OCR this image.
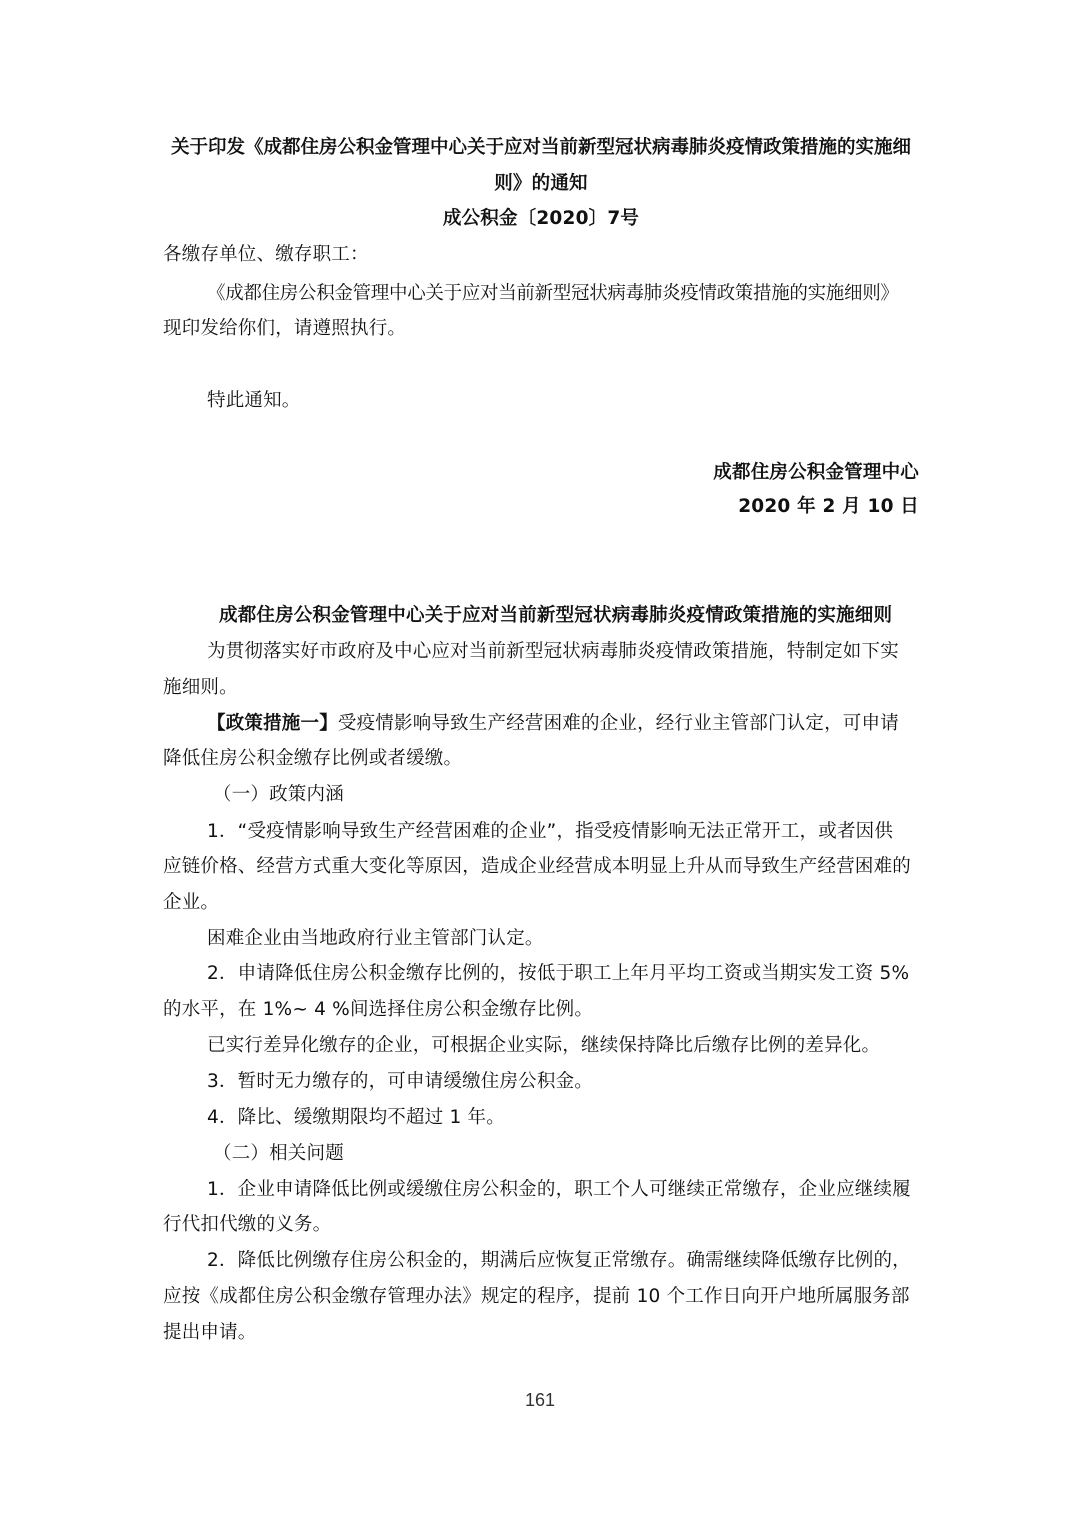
关于印发《成都住房公积金管理中心关于应对当前新型冠状病毒肺炎疫情政策措施的实施细
则》的通知
成公积金〔2020〕7号
各缴存单位、缴存职工：
《成都住房公积金管理中心关于应对当前新型冠状病毒肺炎疫情政策措施的实施细则》
现印发给你们，请遵照执行。
特此通知。
成都住房公积金管理中心
2020 年 2 月 10 日
成都住房公积金管理中心关于应对当前新型冠状病毒肺炎疫情政策措施的实施细则
为贯彻落实好市政府及中心应对当前新型冠状病毒肺炎疫情政策措施，特制定如下实
施细则。
【政策措施一】受疫情影响导致生产经营困难的企业，经行业主管部门认定，可申请
降低住房公积金缴存比例或者缓缴。
（一）政策内涵
1．“受疫情影响导致生产经营困难的企业”，指受疫情影响无法正常开工，或者因供
应链价格、经营方式重大变化等原因，造成企业经营成本明显上升从而导致生产经营困难的
企业。
困难企业由当地政府行业主管部门认定。
2．申请降低住房公积金缴存比例的，按低于职工上年月平均工资或当期实发工资 5%
的水平，在 1%~ 4 %间选择住房公积金缴存比例。
已实行差异化缴存的企业，可根据企业实际，继续保持降比后缴存比例的差异化。
3．暂时无力缴存的，可申请缓缴住房公积金。
4．降比、缓缴期限均不超过 1 年。
（二）相关问题
1．企业申请降低比例或缓缴住房公积金的，职工个人可继续正常缴存，企业应继续履
行代扣代缴的义务。
2．降低比例缴存住房公积金的，期满后应恢复正常缴存。确需继续降低缴存比例的，
应按《成都住房公积金缴存管理办法》规定的程序，提前 10 个工作日向开户地所属服务部
提出申请。
161
